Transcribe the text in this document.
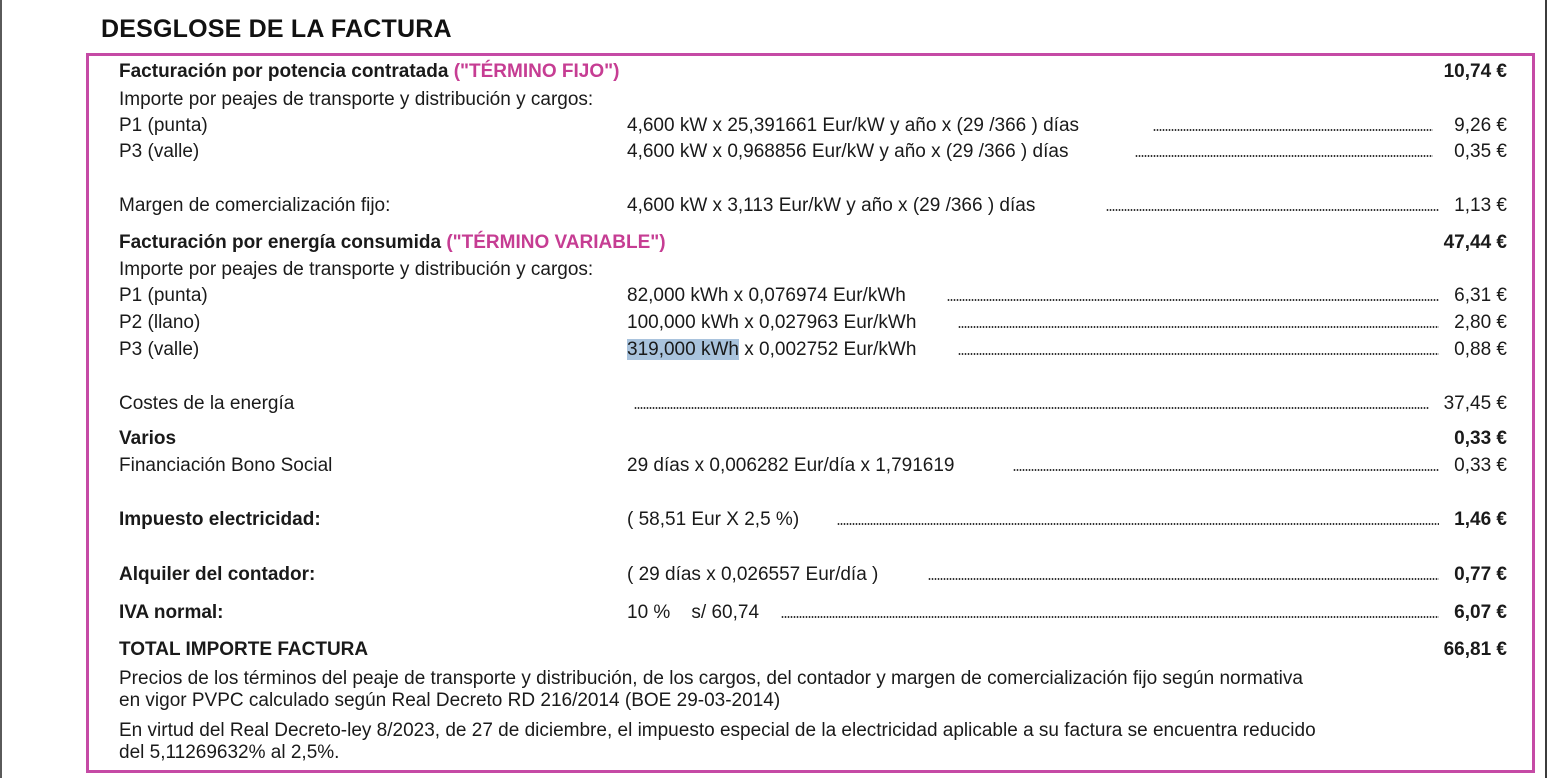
DESGLOSE DE LA FACTURA
Facturación por potencia contratada ("TÉRMINO FIJO")	10,74 €
Importe por peajes de transporte y distribución y cargos:
P1 (punta)	4,600 kW x 25,391661 Eur/kW y año x (29 /366 ) días	9,26 €
P3 (valle)	4,600 kW x 0,968856 Eur/kW y año x (29 /366 ) días	0,35 €
Margen de comercialización fijo:	4,600 kW x 3,113 Eur/kW y año x (29 /366 ) días	1,13 €
Facturación por energía consumida ("TÉRMINO VARIABLE")	47,44 €
Importe por peajes de transporte y distribución y cargos:
P1 (punta)	82,000 kWh x 0,076974 Eur/kWh	6,31 €
P2 (llano)	100,000 kWh x 0,027963 Eur/kWh	2,80 €
P3 (valle)	319,000 kWh x 0,002752 Eur/kWh	0,88 €
Costes de la energía	37,45 €
Varios	0,33 €
Financiación Bono Social	29 días x 0,006282 Eur/día x 1,791619	0,33 €
Impuesto electricidad:	( 58,51 Eur X 2,5 %)	1,46 €
Alquiler del contador:	( 29 días x 0,026557 Eur/día )	0,77 €
IVA normal:	10 %    s/ 60,74	6,07 €
TOTAL IMPORTE FACTURA	66,81 €
Precios de los términos del peaje de transporte y distribución, de los cargos, del contador y margen de comercialización fijo según normativa
en vigor PVPC calculado según Real Decreto RD 216/2014 (BOE 29-03-2014)
En virtud del Real Decreto-ley 8/2023, de 27 de diciembre, el impuesto especial de la electricidad aplicable a su factura se encuentra reducido
del 5,11269632% al 2,5%.
